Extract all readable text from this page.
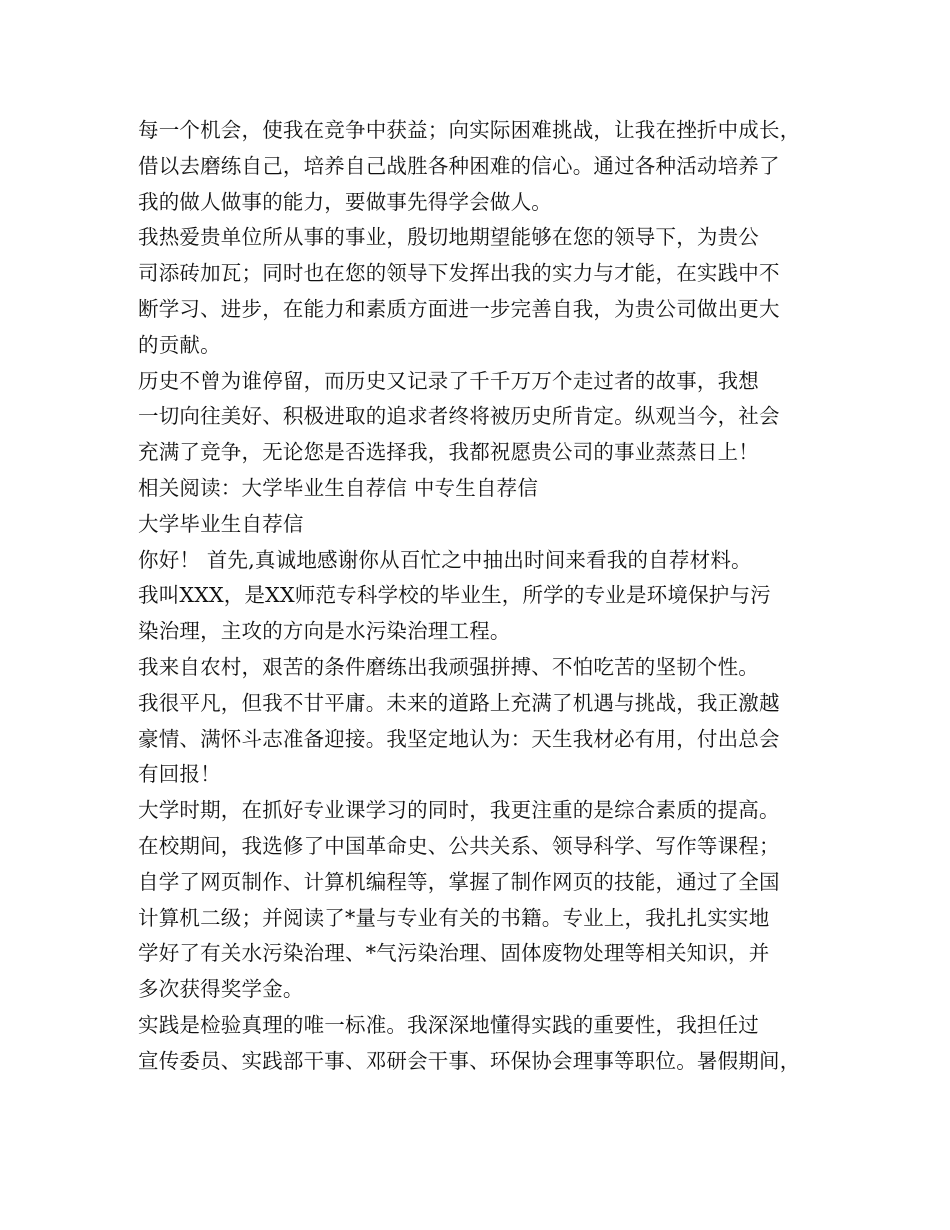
每一个机会，使我在竞争中获益；向实际困难挑战，让我在挫折中成长，
借以去磨练自己，培养自己战胜各种困难的信心。通过各种活动培养了
我的做人做事的能力，要做事先得学会做人。
我热爱贵单位所从事的事业，殷切地期望能够在您的领导下，为贵公
司添砖加瓦；同时也在您的领导下发挥出我的实力与才能，在实践中不
断学习、进步，在能力和素质方面进一步完善自我，为贵公司做出更大
的贡献。
历史不曾为谁停留，而历史又记录了千千万万个走过者的故事，我想
一切向往美好、积极进取的追求者终将被历史所肯定。纵观当今，社会
充满了竞争，无论您是否选择我，我都祝愿贵公司的事业蒸蒸日上！
相关阅读：大学毕业生自荐信 中专生自荐信
大学毕业生自荐信
你好！ 首先,真诚地感谢你从百忙之中抽出时间来看我的自荐材料。
我叫XXX，是XX师范专科学校的毕业生，所学的专业是环境保护与污
染治理，主攻的方向是水污染治理工程。
我来自农村，艰苦的条件磨练出我顽强拼搏、不怕吃苦的坚韧个性。
我很平凡，但我不甘平庸。未来的道路上充满了机遇与挑战，我正激越
豪情、满怀斗志准备迎接。我坚定地认为：天生我材必有用，付出总会
有回报！
大学时期，在抓好专业课学习的同时，我更注重的是综合素质的提高。
在校期间，我选修了中国革命史、公共关系、领导科学、写作等课程；
自学了网页制作、计算机编程等，掌握了制作网页的技能，通过了全国
计算机二级；并阅读了*量与专业有关的书籍。专业上，我扎扎实实地
学好了有关水污染治理、*气污染治理、固体废物处理等相关知识，并
多次获得奖学金。
实践是检验真理的唯一标准。我深深地懂得实践的重要性，我担任过
宣传委员、实践部干事、邓研会干事、环保协会理事等职位。暑假期间，
